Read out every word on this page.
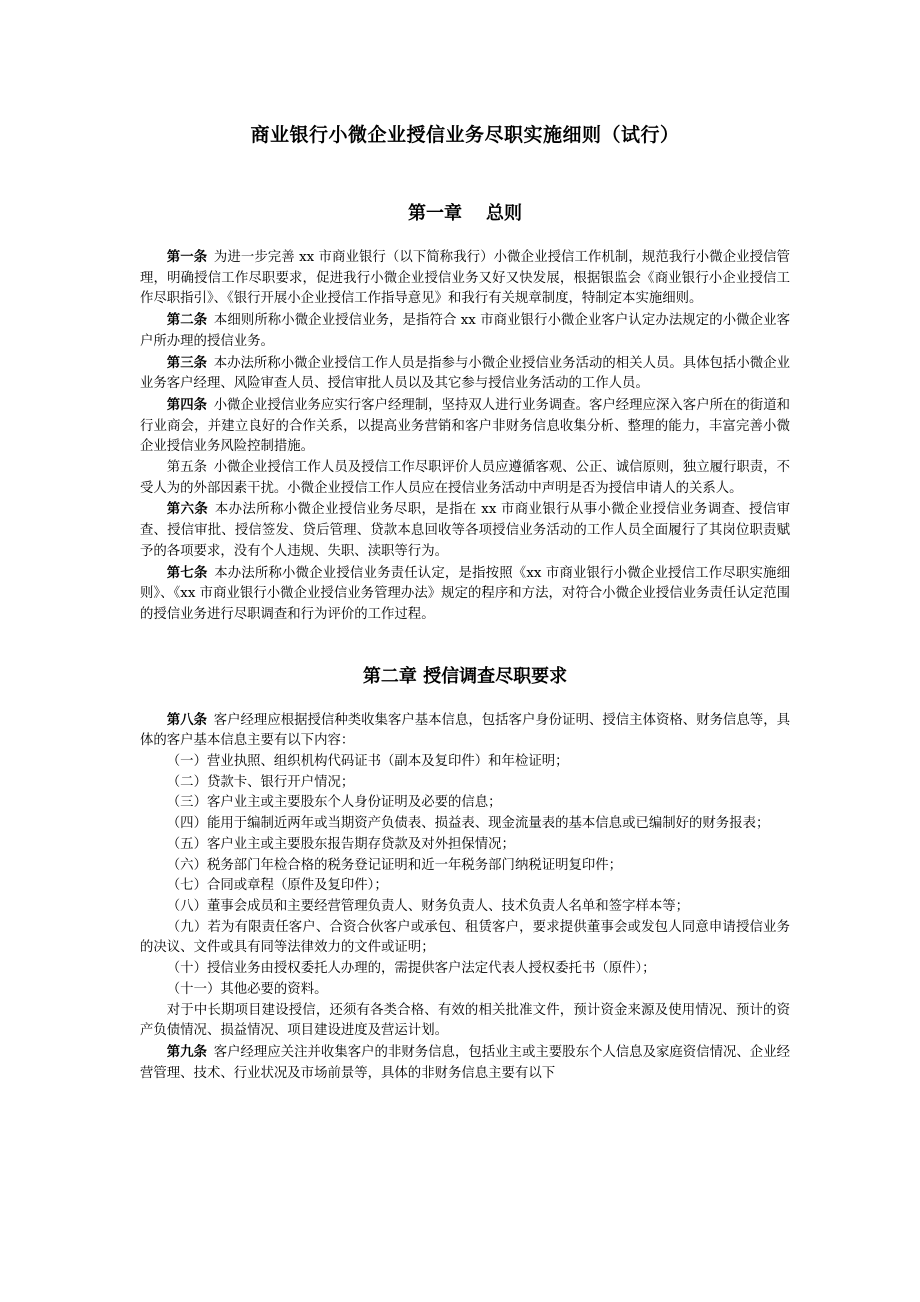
商业银行小微企业授信业务尽职实施细则（试行）
第一章 总则

第一条 为进一步完善 xx 市商业银行（以下简称我行）小微企业授信工作机制，规范我行小微企业授信管理，明确授信工作尽职要求，促进我行小微企业授信业务又好又快发展，根据银监会《商业银行小企业授信工作尽职指引》、《银行开展小企业授信工作指导意见》和我行有关规章制度，特制定本实施细则。

第二条 本细则所称小微企业授信业务，是指符合 xx 市商业银行小微企业客户认定办法规定的小微企业客户所办理的授信业务。

第三条 本办法所称小微企业授信工作人员是指参与小微企业授信业务活动的相关人员。具体包括小微企业业务客户经理、风险审查人员、授信审批人员以及其它参与授信业务活动的工作人员。

第四条 小微企业授信业务应实行客户经理制，坚持双人进行业务调查。客户经理应深入客户所在的街道和行业商会，并建立良好的合作关系，以提高业务营销和客户非财务信息收集分析、整理的能力，丰富完善小微企业授信业务风险控制措施。

第五条 小微企业授信工作人员及授信工作尽职评价人员应遵循客观、公正、诚信原则，独立履行职责，不受人为的外部因素干扰。小微企业授信工作人员应在授信业务活动中声明是否为授信申请人的关系人。

第六条 本办法所称小微企业授信业务尽职，是指在 xx 市商业银行从事小微企业授信业务调查、授信审查、授信审批、授信签发、贷后管理、贷款本息回收等各项授信业务活动的工作人员全面履行了其岗位职责赋予的各项要求，没有个人违规、失职、渎职等行为。

第七条 本办法所称小微企业授信业务责任认定，是指按照《xx 市商业银行小微企业授信工作尽职实施细则》、《xx 市商业银行小微企业授信业务管理办法》规定的程序和方法，对符合小微企业授信业务责任认定范围的授信业务进行尽职调查和行为评价的工作过程。

第二章 授信调查尽职要求

第八条 客户经理应根据授信种类收集客户基本信息，包括客户身份证明、授信主体资格、财务信息等，具体的客户基本信息主要有以下内容：

（一）营业执照、组织机构代码证书（副本及复印件）和年检证明；

（二）贷款卡、银行开户情况；

（三）客户业主或主要股东个人身份证明及必要的信息；

（四）能用于编制近两年或当期资产负债表、损益表、现金流量表的基本信息或已编制好的财务报表；

（五）客户业主或主要股东报告期存贷款及对外担保情况；

（六）税务部门年检合格的税务登记证明和近一年税务部门纳税证明复印件；

（七）合同或章程（原件及复印件）；

（八）董事会成员和主要经营管理负责人、财务负责人、技术负责人名单和签字样本等；

（九）若为有限责任客户、合资合伙客户或承包、租赁客户，要求提供董事会或发包人同意申请授信业务的决议、文件或具有同等法律效力的文件或证明；

（十）授信业务由授权委托人办理的，需提供客户法定代表人授权委托书（原件）；

（十一）其他必要的资料。

对于中长期项目建设授信，还须有各类合格、有效的相关批准文件，预计资金来源及使用情况、预计的资产负债情况、损益情况、项目建设进度及营运计划。

第九条 客户经理应关注并收集客户的非财务信息，包括业主或主要股东个人信息及家庭资信情况、企业经营管理、技术、行业状况及市场前景等，具体的非财务信息主要有以下
